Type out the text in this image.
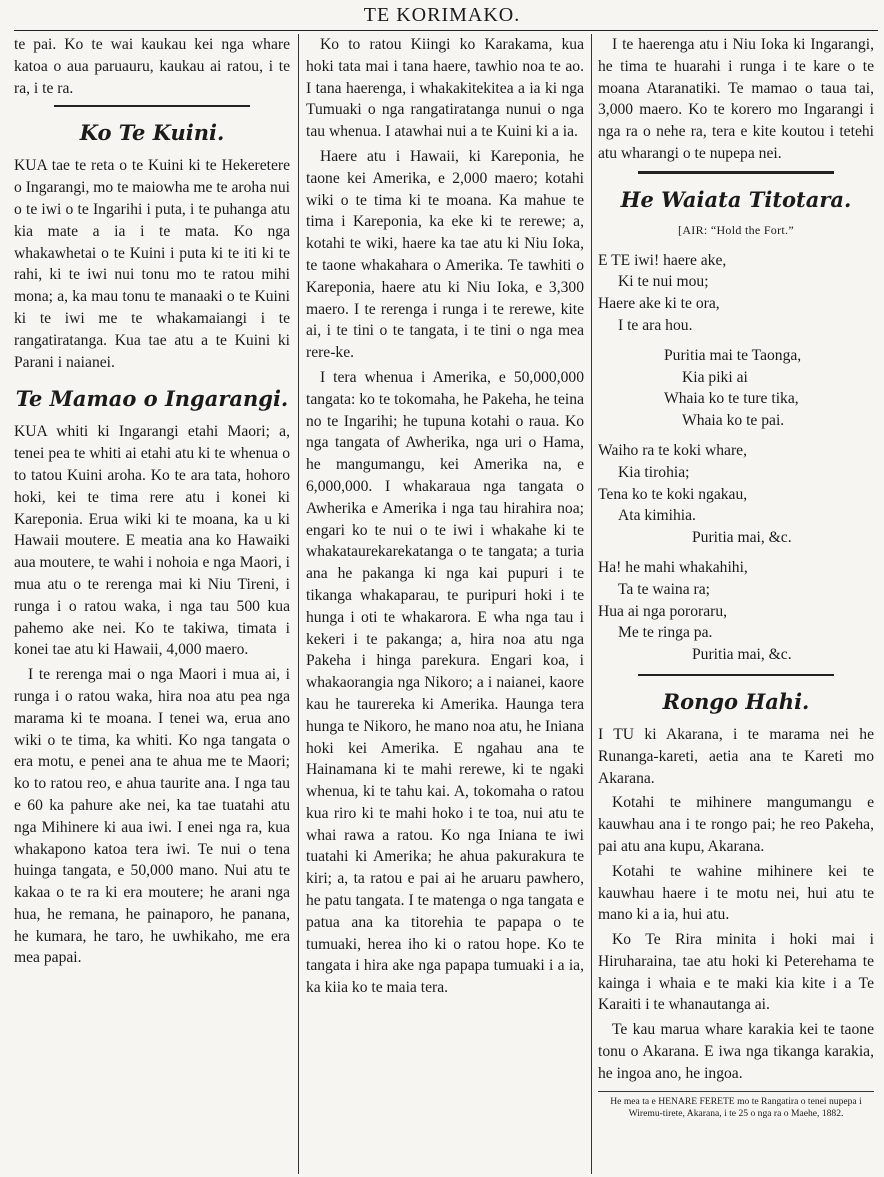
TE KORIMAKO.

te pai. Ko te wai kaukau kei nga whare katoa o aua paruauru, kaukau ai ratou, i te ra, i te ra.

Ko Te Kuini.

KUA tae te reta o te Kuini ki te Hekeretere o Ingarangi, mo te maiowha me te aroha nui o te iwi o te Ingarihi i puta, i te puhanga atu kia mate a ia i te mata. Ko nga whakawhetai o te Kuini i puta ki te iti ki te rahi, ki te iwi nui tonu mo te ratou mihi mona; a, ka mau tonu te manaaki o te Kuini ki te iwi me te whakamaiangi i te rangatiratanga. Kua tae atu a te Kuini ki Parani i naianei.

Te Mamao o Ingarangi.

KUA whiti ki Ingarangi etahi Maori; a, tenei pea te whiti ai etahi atu ki te whenua o to tatou Kuini aroha. Ko te ara tata, hohoro hoki, kei te tima rere atu i konei ki Kareponia. Erua wiki ki te moana, ka u ki Hawaii moutere. E meatia ana ko Hawaiki aua moutere, te wahi i nohoia e nga Maori, i mua atu o te rerenga mai ki Niu Tireni, i runga i o ratou waka, i nga tau 500 kua pahemo ake nei. Ko te takiwa, timata i konei tae atu ki Hawaii, 4,000 maero.

I te rerenga mai o nga Maori i mua ai, i runga i o ratou waka, hira noa atu pea nga marama ki te moana. I tenei wa, erua ano wiki o te tima, ka whiti. Ko nga tangata o era motu, e penei ana te ahua me te Maori; ko to ratou reo, e ahua taurite ana. I nga tau e 60 ka pahure ake nei, ka tae tuatahi atu nga Mihinere ki aua iwi. I enei nga ra, kua whakapono katoa tera iwi. Te nui o tena huinga tangata, e 50,000 mano. Nui atu te kakaa o te ra ki era moutere; he arani nga hua, he remana, he painaporo, he panana, he kumara, he taro, he uwhikaho, me era mea papai.

Ko to ratou Kiingi ko Karakama, kua hoki tata mai i tana haere, tawhio noa te ao. I tana haerenga, i whakakitekitea a ia ki nga Tumuaki o nga rangatiratanga nunui o nga tau whenua. I atawhai nui a te Kuini ki a ia.

Haere atu i Hawaii, ki Kareponia, he taone kei Amerika, e 2,000 maero; kotahi wiki o te tima ki te moana. Ka mahue te tima i Kareponia, ka eke ki te rerewe; a, kotahi te wiki, haere ka tae atu ki Niu Ioka, te taone whakahara o Amerika. Te tawhiti o Kareponia, haere atu ki Niu Ioka, e 3,300 maero. I te rerenga i runga i te rerewe, kite ai, i te tini o te tangata, i te tini o nga mea rere-ke.

I tera whenua i Amerika, e 50,000,000 tangata: ko te tokomaha, he Pakeha, he teina no te Ingarihi; he tupuna kotahi o raua. Ko nga tangata of Awherika, nga uri o Hama, he mangumangu, kei Amerika na, e 6,000,000. I whakaraua nga tangata o Awherika e Amerika i nga tau hirahira noa; engari ko te nui o te iwi i whakahe ki te whakataurekarekatanga o te tangata; a turia ana he pakanga ki nga kai pupuri i te tikanga whakaparau, te puripuri hoki i te hunga i oti te whakarora. E wha nga tau i kekeri i te pakanga; a, hira noa atu nga Pakeha i hinga parekura. Engari koa, i whakaorangia nga Nikoro; a i naianei, kaore kau he taurereka ki Amerika. Haunga tera hunga te Nikoro, he mano noa atu, he Iniana hoki kei Amerika. E ngahau ana te Hainamana ki te mahi rerewe, ki te ngaki whenua, ki te tahu kai. A, tokomaha o ratou kua riro ki te mahi hoko i te toa, nui atu te whai rawa a ratou. Ko nga Iniana te iwi tuatahi ki Amerika; he ahua pakurakura te kiri; a, ta ratou e pai ai he aruaru pawhero, he patu tangata. I te matenga o nga tangata e patua ana ka titorehia te papapa o te tumuaki, herea iho ki o ratou hope. Ko te tangata i hira ake nga papapa tumuaki i a ia, ka kiia ko te maia tera.

I te haerenga atu i Niu Ioka ki Ingarangi, he tima te huarahi i runga i te kare o te moana Ataranatiki. Te mamao o taua tai, 3,000 maero. Ko te korero mo Ingarangi i nga ra o nehe ra, tera e kite koutou i tetehi atu wharangi o te nupepa nei.

He Waiata Titotara.
[AIR: “Hold the Fort.”
E TE iwi! haere ake,
Ki te nui mou;
Haere ake ki te ora,
I te ara hou.
Puritia mai te Taonga,
Kia piki ai
Whaia ko te ture tika,
Whaia ko te pai.
Waiho ra te koki whare,
Kia tirohia;
Tena ko te koki ngakau,
Ata kimihia.
Puritia mai, &c.
Ha! he mahi whakahihi,
Ta te waina ra;
Hua ai nga pororaru,
Me te ringa pa.
Puritia mai, &c.
Rongo Hahi.

I TU ki Akarana, i te marama nei he Runanga-kareti, aetia ana te Kareti mo Akarana.

Kotahi te mihinere mangumangu e kauwhau ana i te rongo pai; he reo Pakeha, pai atu ana kupu, Akarana.

Kotahi te wahine mihinere kei te kauwhau haere i te motu nei, hui atu te mano ki a ia, hui atu.

Ko Te Rira minita i hoki mai i Hiruharaina, tae atu hoki ki Peterehama te kainga i whaia e te maki kia kite i a Te Karaiti i te whanautanga ai.

Te kau marua whare karakia kei te taone tonu o Akarana. E iwa nga tikanga karakia, he ingoa ano, he ingoa.

He mea ta e HENARE FERETE mo te Rangatira o tenei nupepa i Wiremu-tirete, Akarana, i te 25 o nga ra o Maehe, 1882.
